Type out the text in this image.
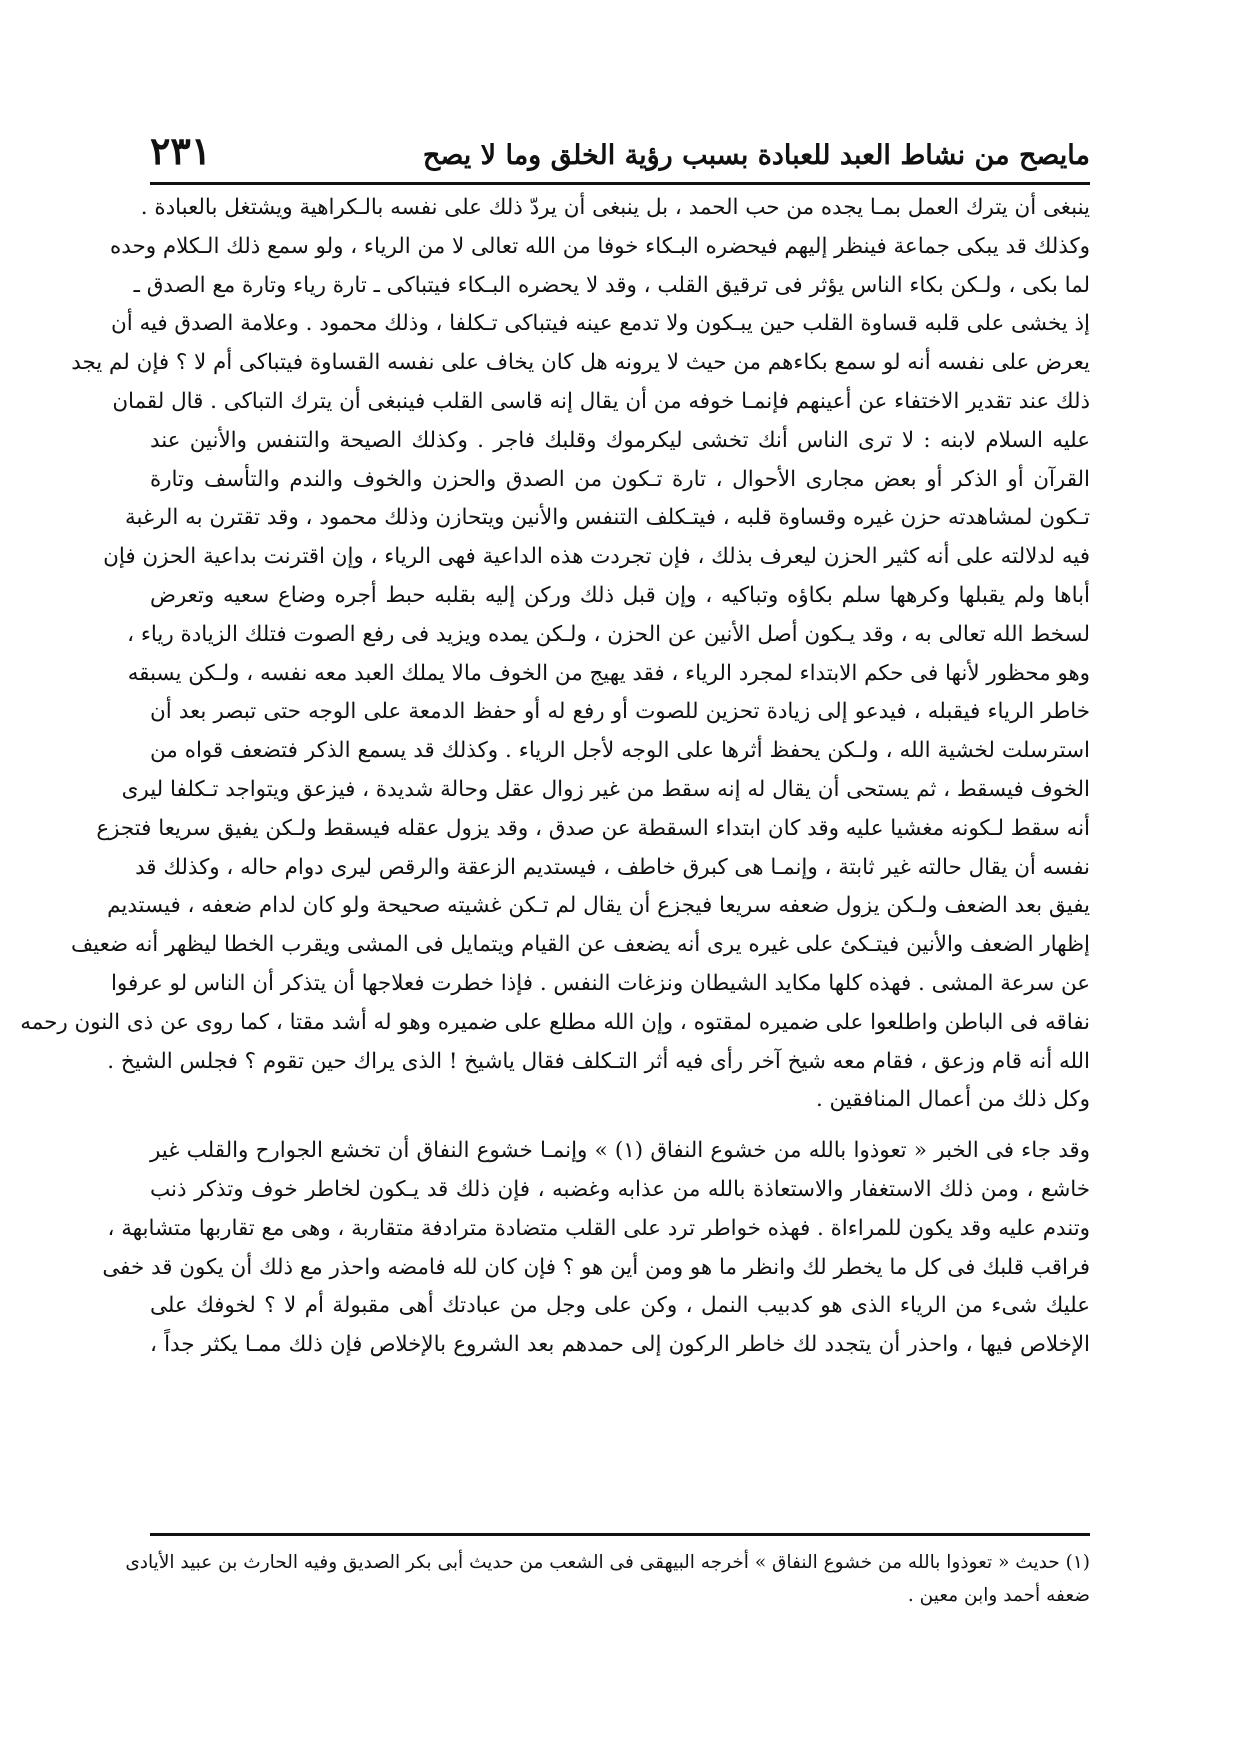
مايصح من نشاط العبد للعبادة بسبب رؤية الخلق وما لا يصح
٢٣١
ينبغى أن يترك العمل بمـا يجده من حب الحمد ، بل ينبغى أن يردّ ذلك على نفسه بالـكراهية ويشتغل بالعبادة .
وكذلك قد يبكى جماعة فينظر إليهم فيحضره البـكاء خوفا من الله تعالى لا من الرياء ، ولو سمع ذلك الـكلام وحده
لما بكى ، ولـكن بكاء الناس يؤثر فى ترقيق القلب ، وقد لا يحضره البـكاء فيتباكى ـ تارة رياء وتارة مع الصدق ـ
إذ يخشى على قلبه قساوة القلب حين يبـكون ولا تدمع عينه فيتباكى تـكلفا ، وذلك محمود . وعلامة الصدق فيه أن
يعرض على نفسه أنه لو سمع بكاءهم من حيث لا يرونه هل كان يخاف على نفسه القساوة فيتباكى أم لا ؟ فإن لم يجد
ذلك عند تقدير الاختفاء عن أعينهم فإنمـا خوفه من أن يقال إنه قاسى القلب فينبغى أن يترك التباكى . قال لقمان
عليه السلام لابنه : لا ترى الناس أنك تخشى ليكرموك وقلبك فاجر . وكذلك الصيحة والتنفس والأنين عند
القرآن أو الذكر أو بعض مجارى الأحوال ، تارة تـكون من الصدق والحزن والخوف والندم والتأسف وتارة
تـكون لمشاهدته حزن غيره وقساوة قلبه ، فيتـكلف التنفس والأنين ويتحازن وذلك محمود ، وقد تقترن به الرغبة
فيه لدلالته على أنه كثير الحزن ليعرف بذلك ، فإن تجردت هذه الداعية فهى الرياء ، وإن اقترنت بداعية الحزن فإن
أباها ولم يقبلها وكرهها سلم بكاؤه وتباكيه ، وإن قبل ذلك وركن إليه بقلبه حبط أجره وضاع سعيه وتعرض
لسخط الله تعالى به ، وقد يـكون أصل الأنين عن الحزن ، ولـكن يمده ويزيد فى رفع الصوت فتلك الزيادة رياء ،
وهو محظور لأنها فى حكم الابتداء لمجرد الرياء ، فقد يهيج من الخوف مالا يملك العبد معه نفسه ، ولـكن يسبقه
خاطر الرياء فيقبله ، فيدعو إلى زيادة تحزين للصوت أو رفع له أو حفظ الدمعة على الوجه حتى تبصر بعد أن
استرسلت لخشية الله ، ولـكن يحفظ أثرها على الوجه لأجل الرياء . وكذلك قد يسمع الذكر فتضعف قواه من
الخوف فيسقط ، ثم يستحى أن يقال له إنه سقط من غير زوال عقل وحالة شديدة ، فيزعق ويتواجد تـكلفا ليرى
أنه سقط لـكونه مغشيا عليه وقد كان ابتداء السقطة عن صدق ، وقد يزول عقله فيسقط ولـكن يفيق سريعا فتجزع
نفسه أن يقال حالته غير ثابتة ، وإنمـا هى كبرق خاطف ، فيستديم الزعقة والرقص ليرى دوام حاله ، وكذلك قد
يفيق بعد الضعف ولـكن يزول ضعفه سريعا فيجزع أن يقال لم تـكن غشيته صحيحة ولو كان لدام ضعفه ، فيستديم
إظهار الضعف والأنين فيتـكئ على غيره يرى أنه يضعف عن القيام ويتمايل فى المشى ويقرب الخطا ليظهر أنه ضعيف
عن سرعة المشى . فهذه كلها مكايد الشيطان ونزغات النفس . فإذا خطرت فعلاجها أن يتذكر أن الناس لو عرفوا
نفاقه فى الباطن واطلعوا على ضميره لمقتوه ، وإن الله مطلع على ضميره وهو له أشد مقتا ، كما روى عن ذى النون رحمه
الله أنه قام وزعق ، فقام معه شيخ آخر رأى فيه أثر التـكلف فقال ياشيخ ! الذى يراك حين تقوم ؟ فجلس الشيخ .
وكل ذلك من أعمال المنافقين .
وقد جاء فى الخبر « تعوذوا بالله من خشوع النفاق (١) » وإنمـا خشوع النفاق أن تخشع الجوارح والقلب غير
خاشع ، ومن ذلك الاستغفار والاستعاذة بالله من عذابه وغضبه ، فإن ذلك قد يـكون لخاطر خوف وتذكر ذنب
وتندم عليه وقد يكون للمراءاة . فهذه خواطر ترد على القلب متضادة مترادفة متقاربة ، وهى مع تقاربها متشابهة ،
فراقب قلبك فى كل ما يخطر لك وانظر ما هو ومن أين هو ؟ فإن كان لله فامضه واحذر مع ذلك أن يكون قد خفى
عليك شىء من الرياء الذى هو كدبيب النمل ، وكن على وجل من عبادتك أهى مقبولة أم لا ؟ لخوفك على
الإخلاص فيها ، واحذر أن يتجدد لك خاطر الركون إلى حمدهم بعد الشروع بالإخلاص فإن ذلك ممـا يكثر جداً ،
(١) حديث « تعوذوا بالله من خشوع النفاق » أخرجه البيهقى فى الشعب من حديث أبى بكر الصديق وفيه الحارث بن عبيد الأيادى
ضعفه أحمد وابن معين .
